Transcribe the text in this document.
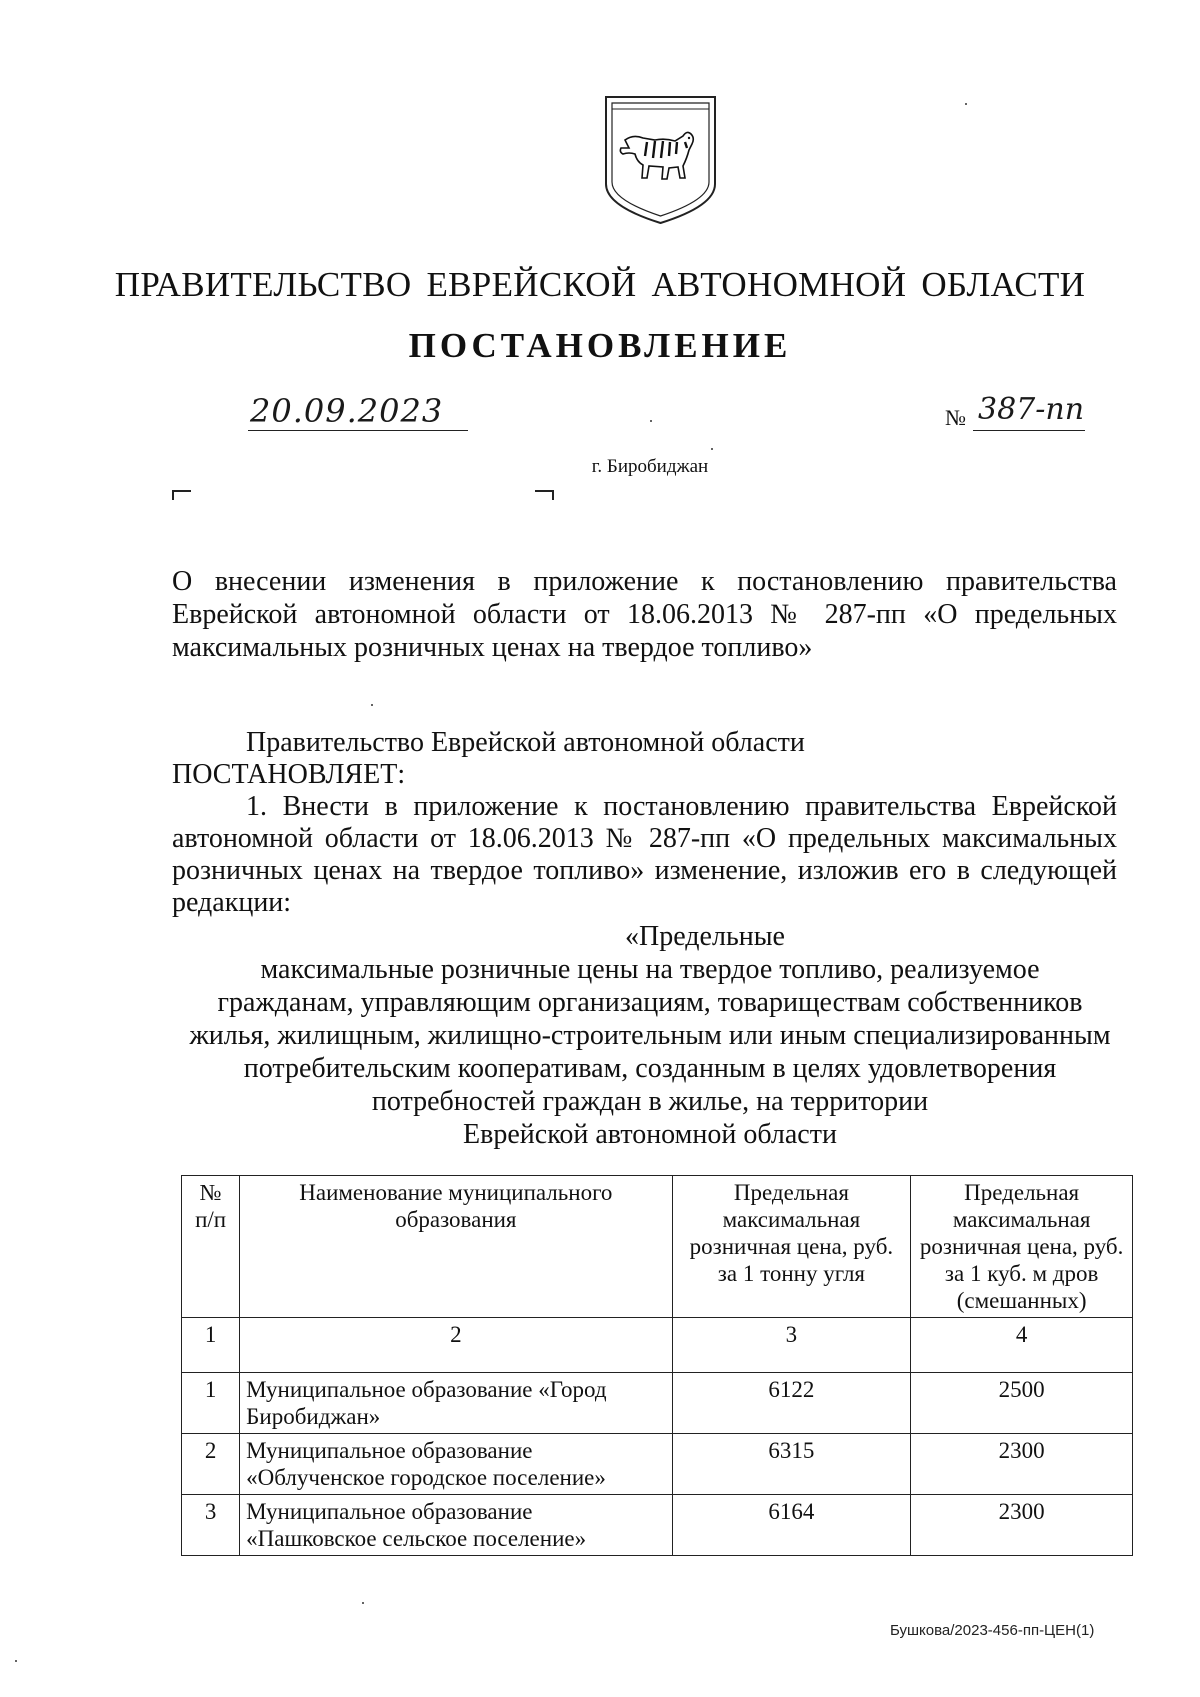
ПРАВИТЕЛЬСТВО ЕВРЕЙСКОЙ АВТОНОМНОЙ ОБЛАСТИ
ПОСТАНОВЛЕНИЕ
20.09.2023	№ 387-пп
г. Биробиджан
О внесении изменения в приложение к постановлению правительства Еврейской автономной области от 18.06.2013 № 287-пп «О предельных максимальных розничных ценах на твердое топливо»
Правительство Еврейской автономной области
ПОСТАНОВЛЯЕТ:
1. Внести в приложение к постановлению правительства Еврейской автономной области от 18.06.2013 № 287-пп «О предельных максимальных розничных ценах на твердое топливо» изменение, изложив его в следующей редакции:
«Предельные
максимальные розничные цены на твердое топливо, реализуемое
гражданам, управляющим организациям, товариществам собственников
жилья, жилищным, жилищно-строительным или иным специализированным
потребительским кооперативам, созданным в целях удовлетворения
потребностей граждан в жилье, на территории
Еврейской автономной области
№ п/п	Наименование муниципального образования	Предельная максимальная розничная цена, руб. за 1 тонну угля	Предельная максимальная розничная цена, руб. за 1 куб. м дров (смешанных)
1	2	3	4
1	Муниципальное образование «Город Биробиджан»	6122	2500
2	Муниципальное образование «Облученское городское поселение»	6315	2300
3	Муниципальное образование «Пашковское сельское поселение»	6164	2300
Бушкова/2023-456-пп-ЦЕН(1)
